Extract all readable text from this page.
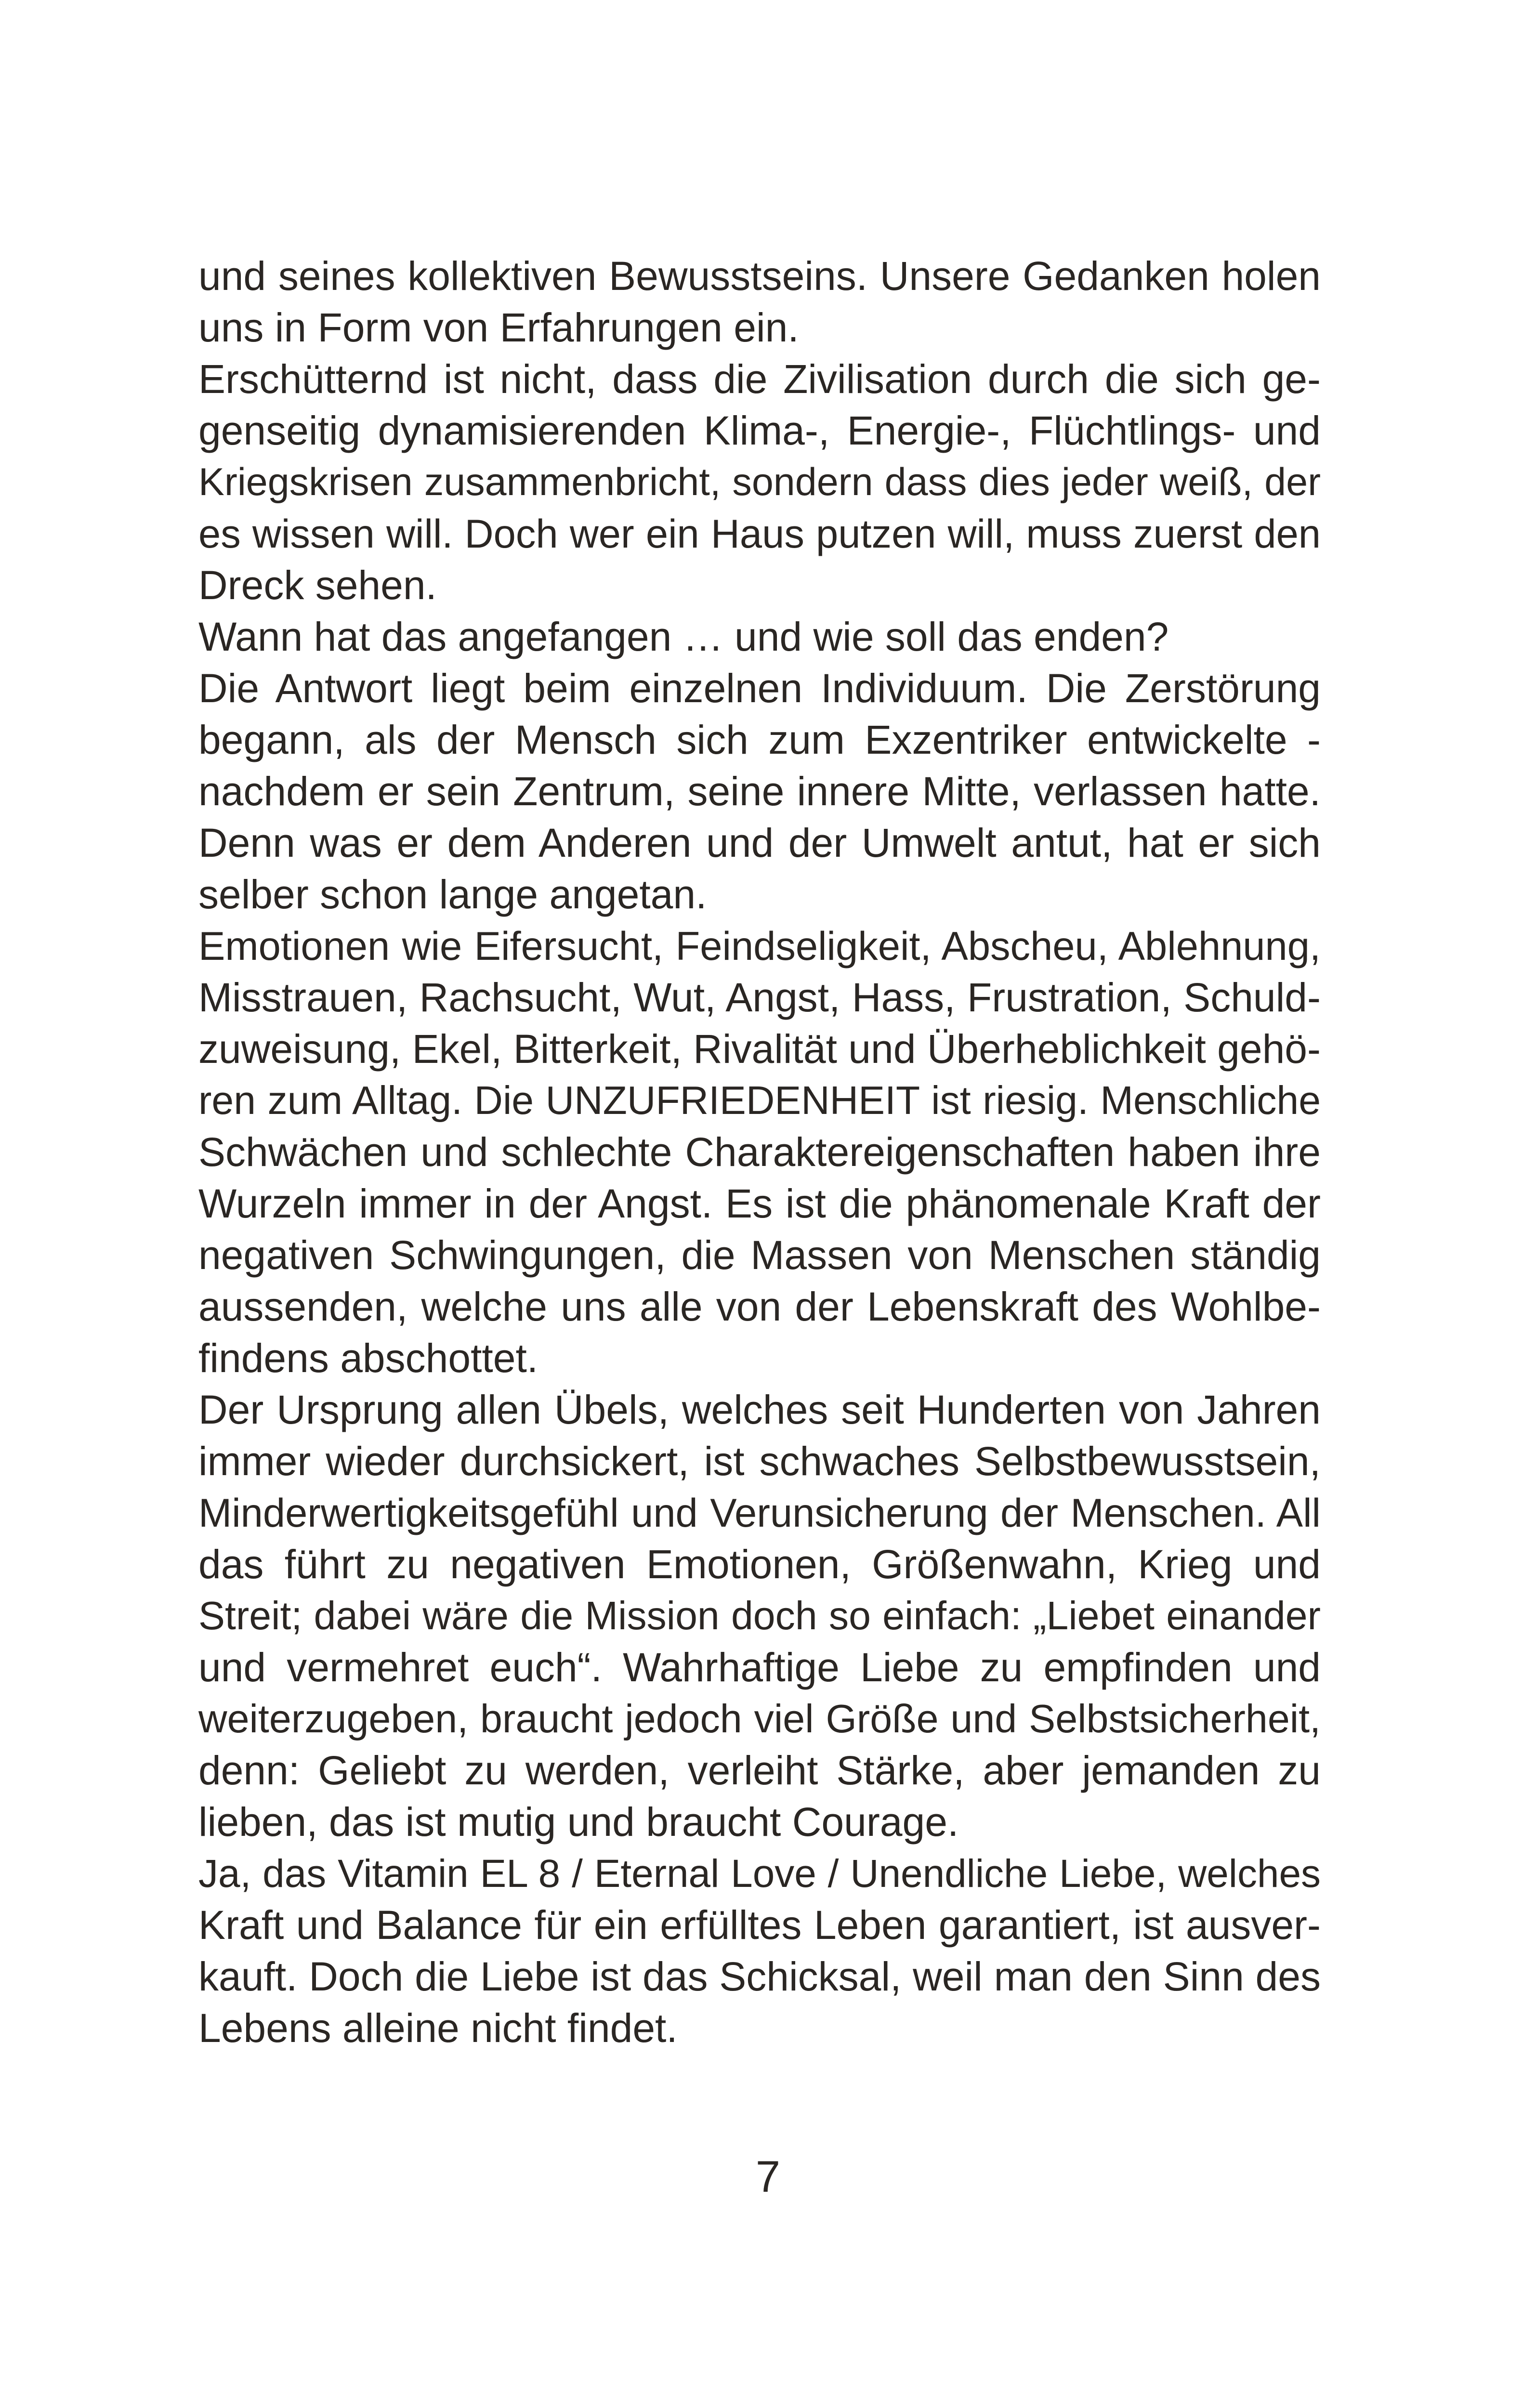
und seines kollektiven Bewusstseins. Unsere Gedanken holen
uns in Form von Erfahrungen ein.
Erschütternd ist nicht, dass die Zivilisation durch die sich ge-
genseitig dynamisierenden Klima-, Energie-, Flüchtlings- und
Kriegskrisen zusammenbricht, sondern dass dies jeder weiß, der
es wissen will. Doch wer ein Haus putzen will, muss zuerst den
Dreck sehen.
Wann hat das angefangen … und wie soll das enden?
Die Antwort liegt beim einzelnen Individuum. Die Zerstörung
begann, als der Mensch sich zum Exzentriker entwickelte -
nachdem er sein Zentrum, seine innere Mitte, verlassen hatte.
Denn was er dem Anderen und der Umwelt antut, hat er sich
selber schon lange angetan.
Emotionen wie Eifersucht, Feindseligkeit, Abscheu, Ablehnung,
Misstrauen, Rachsucht, Wut, Angst, Hass, Frustration, Schuld-
zuweisung, Ekel, Bitterkeit, Rivalität und Überheblichkeit gehö-
ren zum Alltag. Die UNZUFRIEDENHEIT ist riesig. Menschliche
Schwächen und schlechte Charaktereigenschaften haben ihre
Wurzeln immer in der Angst. Es ist die phänomenale Kraft der
negativen Schwingungen, die Massen von Menschen ständig
aussenden, welche uns alle von der Lebenskraft des Wohlbe-
findens abschottet.
Der Ursprung allen Übels, welches seit Hunderten von Jahren
immer wieder durchsickert, ist schwaches Selbstbewusstsein,
Minderwertigkeitsgefühl und Verunsicherung der Menschen. All
das führt zu negativen Emotionen, Größenwahn, Krieg und
Streit; dabei wäre die Mission doch so einfach: „Liebet einander
und vermehret euch“. Wahrhaftige Liebe zu empfinden und
weiterzugeben, braucht jedoch viel Größe und Selbstsicherheit,
denn: Geliebt zu werden, verleiht Stärke, aber jemanden zu
lieben, das ist mutig und braucht Courage.
Ja, das Vitamin EL 8 / Eternal Love / Unendliche Liebe, welches
Kraft und Balance für ein erfülltes Leben garantiert, ist ausver-
kauft. Doch die Liebe ist das Schicksal, weil man den Sinn des
Lebens alleine nicht findet.
7
